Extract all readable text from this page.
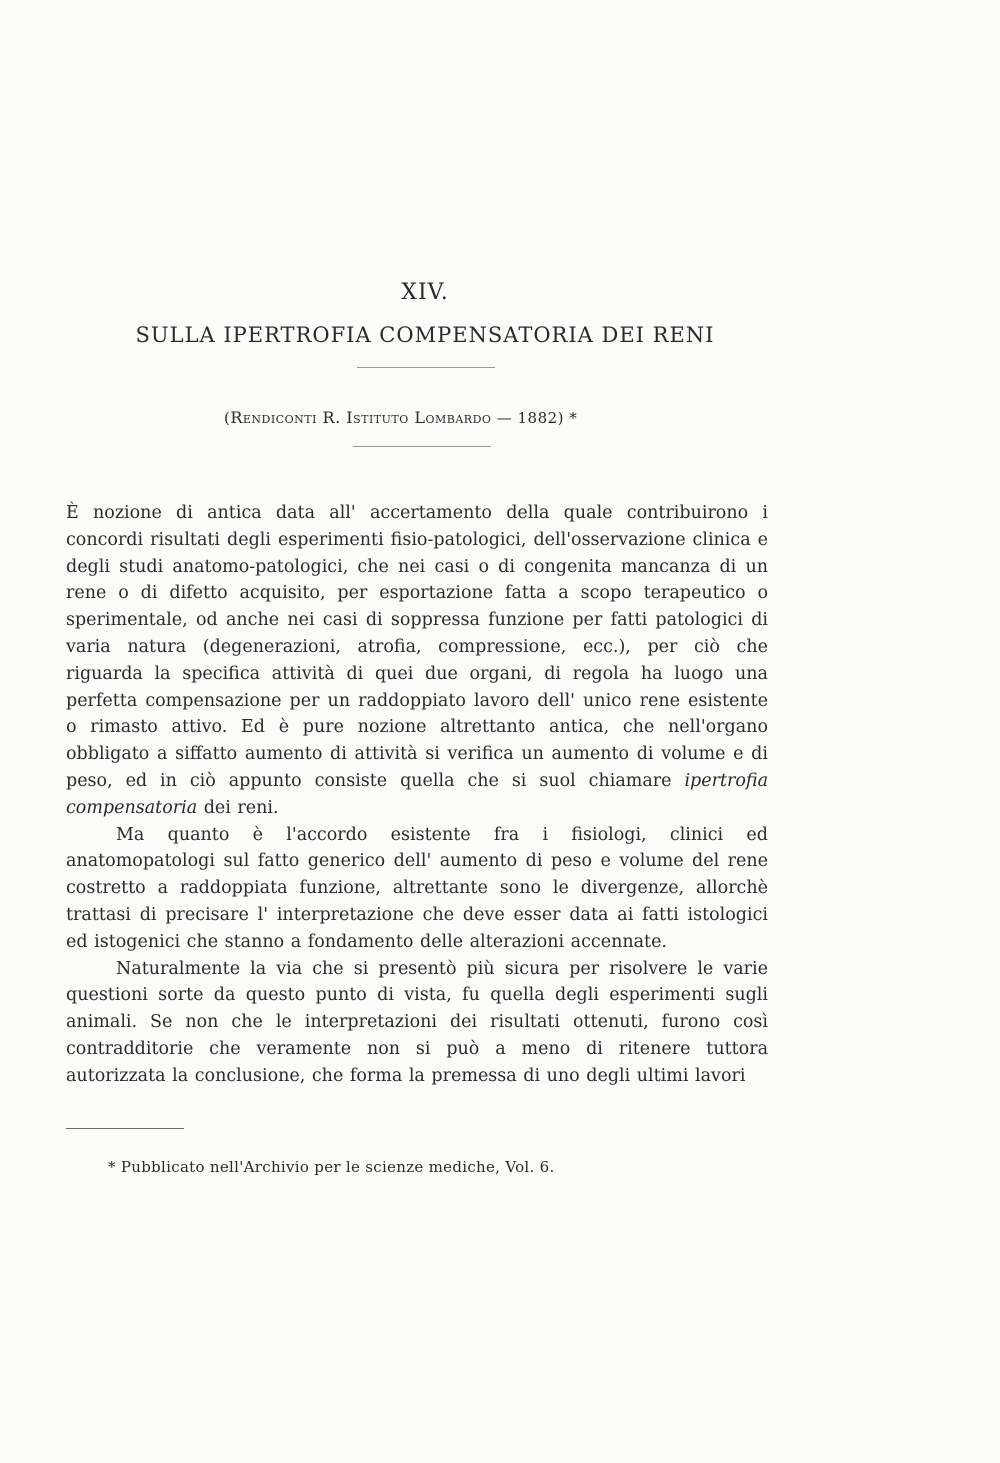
XIV.
SULLA IPERTROFIA COMPENSATORIA DEI RENI
(Rendiconti R. Istituto Lombardo — 1882) *

È nozione di antica data all' accertamento della quale contribuirono i concordi risultati degli esperimenti fisio-patologici, dell'osservazione clinica e degli studi anatomo-patologici, che nei casi o di congenita mancanza di un rene o di difetto acquisito, per esportazione fatta a scopo terapeutico o sperimentale, od anche nei casi di soppressa funzione per fatti patologici di varia natura (degenerazioni, atrofia, compressione, ecc.), per ciò che riguarda la specifica attività di quei due organi, di regola ha luogo una perfetta compensazione per un raddoppiato lavoro dell' unico rene esistente o rimasto attivo. Ed è pure nozione altrettanto antica, che nell'organo obbligato a siffatto aumento di attività si verifica un aumento di volume e di peso, ed in ciò appunto consiste quella che si suol chiamare ipertrofia compensatoria dei reni.

Ma quanto è l'accordo esistente fra i fisiologi, clinici ed anatomopatologi sul fatto generico dell' aumento di peso e volume del rene costretto a raddoppiata funzione, altrettante sono le divergenze, allorchè trattasi di precisare l' interpretazione che deve esser data ai fatti istologici ed istogenici che stanno a fondamento delle alterazioni accennate.

Naturalmente la via che si presentò più sicura per risolvere le varie questioni sorte da questo punto di vista, fu quella degli esperimenti sugli animali. Se non che le interpretazioni dei risultati ottenuti, furono così contradditorie che veramente non si può a meno di ritenere tuttora autorizzata la conclusione, che forma la premessa di uno degli ultimi lavori

* Pubblicato nell'Archivio per le scienze mediche, Vol. 6.
